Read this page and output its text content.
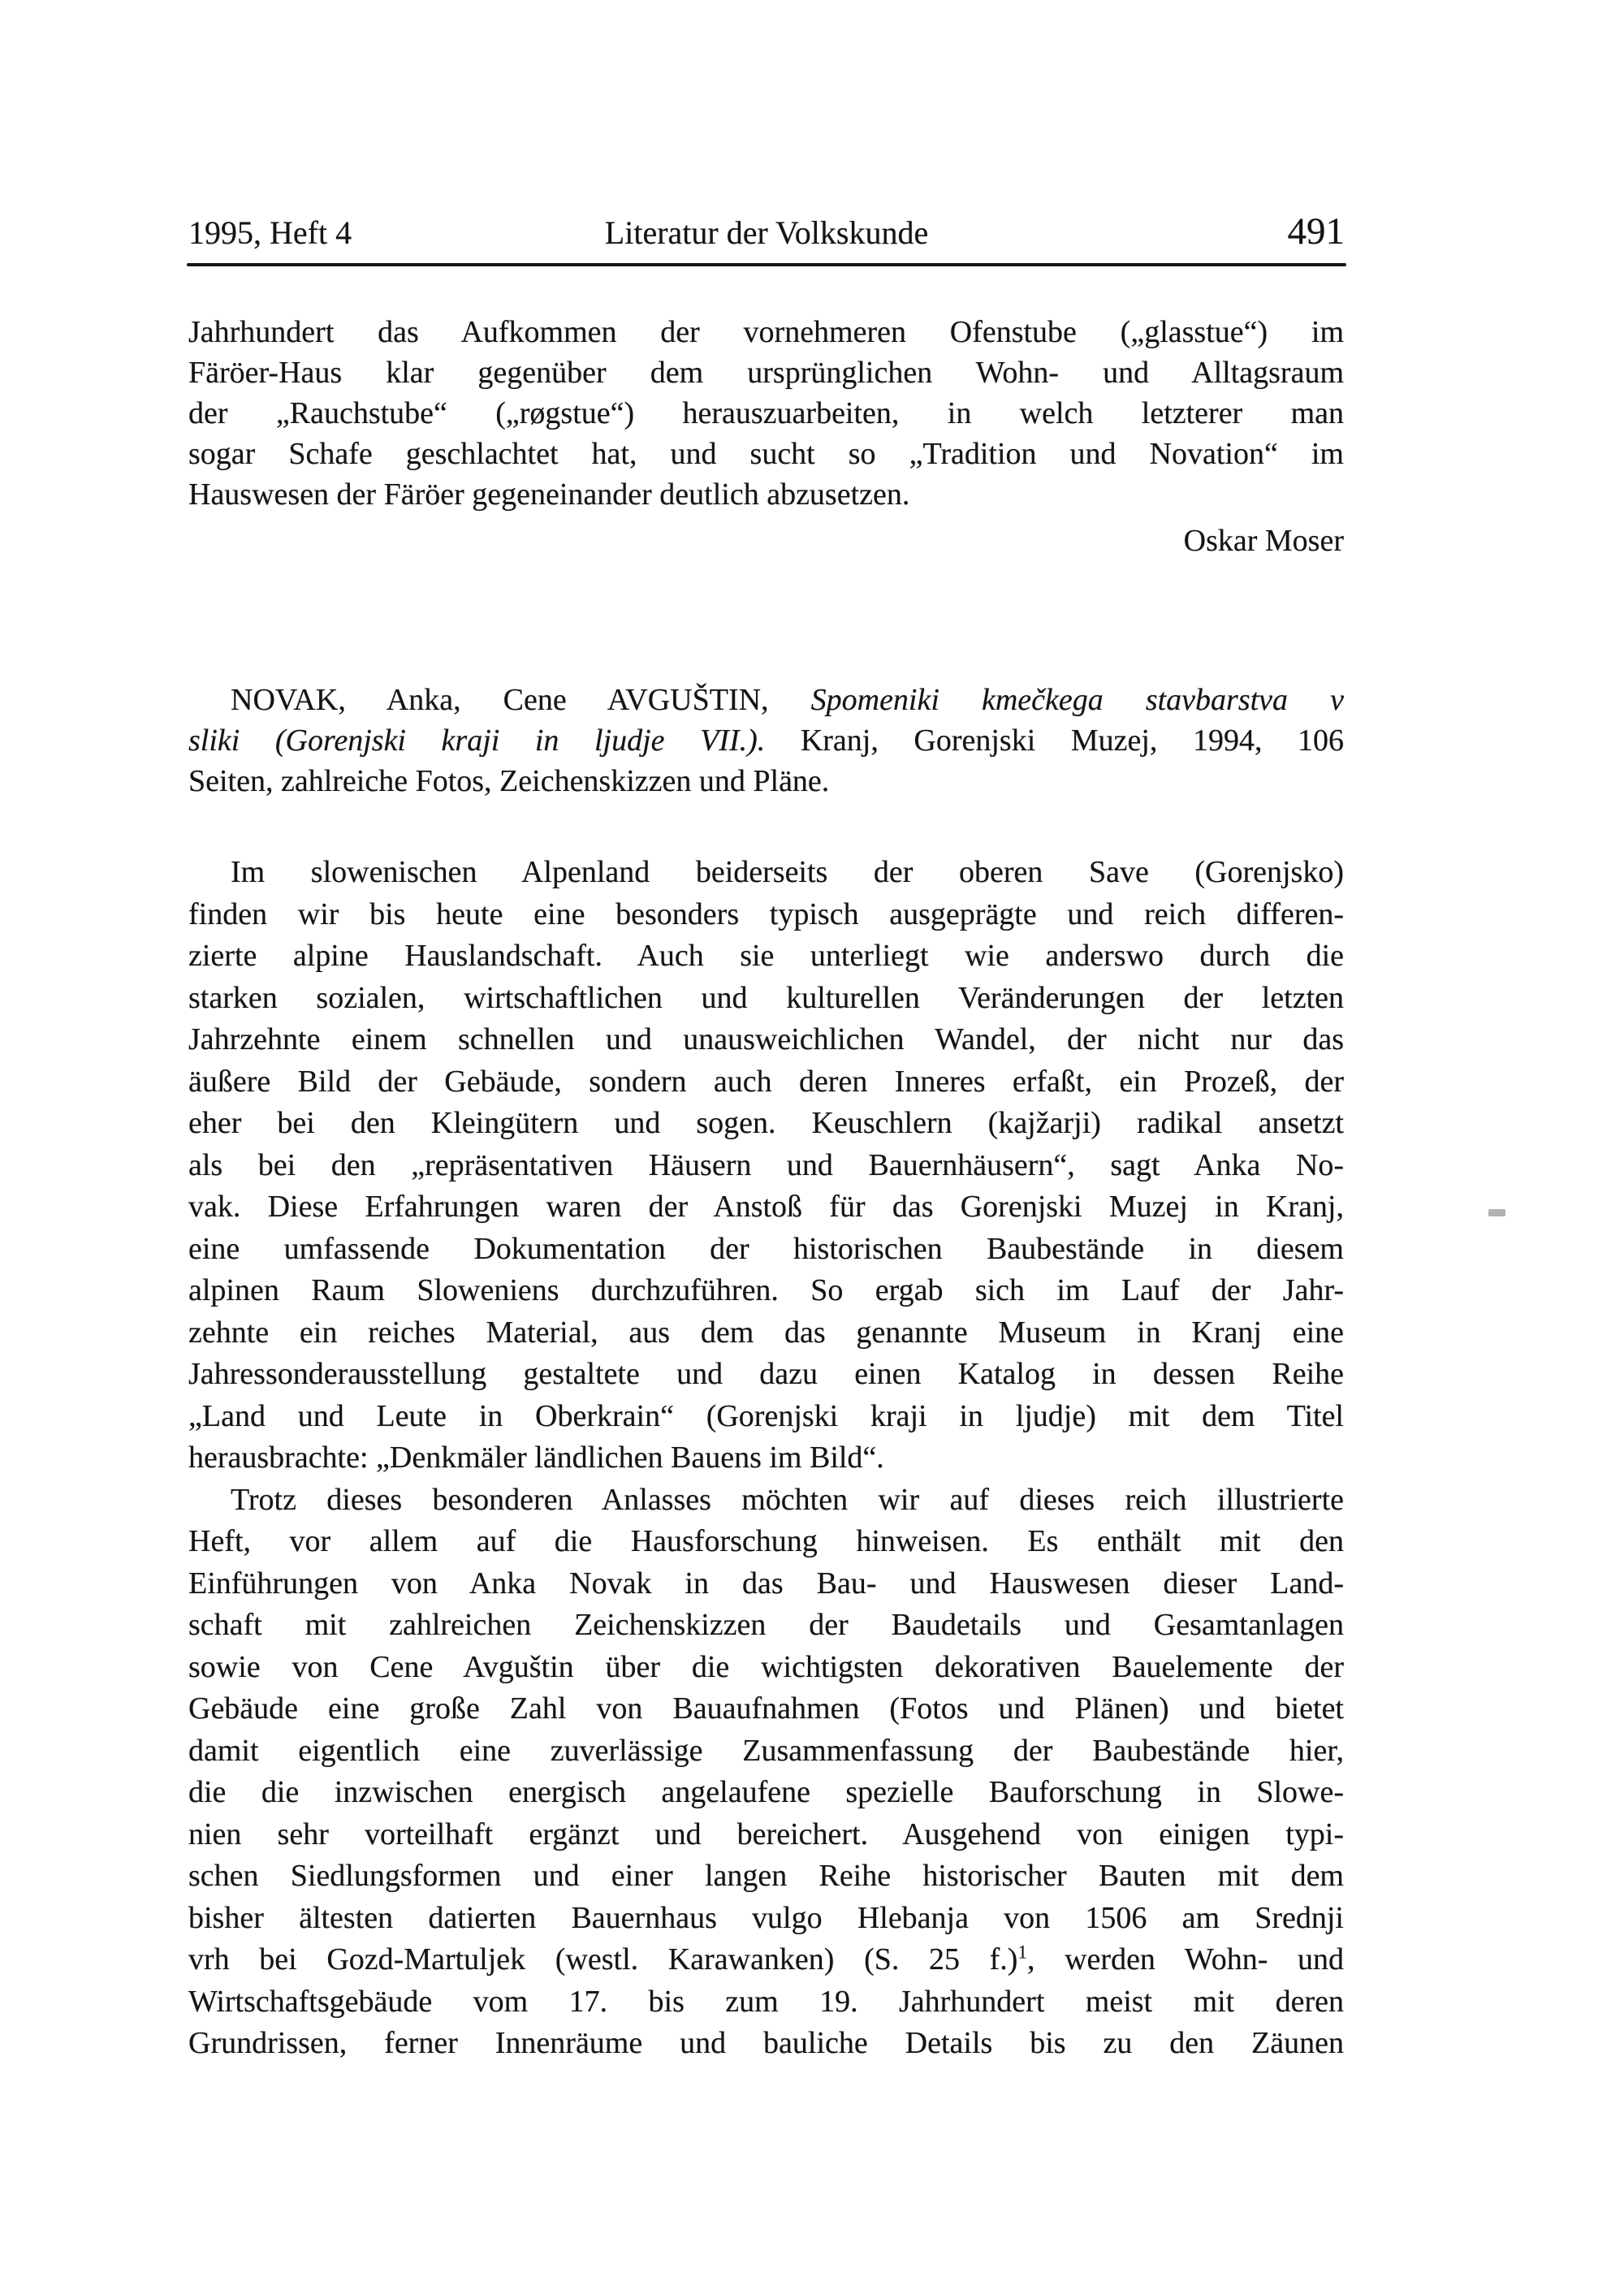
1995, Heft 4	Literatur der Volkskunde	491
Jahrhundert das Aufkommen der vornehmeren Ofenstube („glasstue“) im
Färöer-Haus klar gegenüber dem ursprünglichen Wohn- und Alltagsraum
der „Rauchstube“ („røgstue“) herauszuarbeiten, in welch letzterer man
sogar Schafe geschlachtet hat, und sucht so „Tradition und Novation“ im
Hauswesen der Färöer gegeneinander deutlich abzusetzen.
Oskar Moser
NOVAK, Anka, Cene AVGUŠTIN, Spomeniki kmečkega stavbarstva v
sliki (Gorenjski kraji in ljudje VII.). Kranj, Gorenjski Muzej, 1994, 106
Seiten, zahlreiche Fotos, Zeichenskizzen und Pläne.
Im slowenischen Alpenland beiderseits der oberen Save (Gorenjsko)
finden wir bis heute eine besonders typisch ausgeprägte und reich differen-
zierte alpine Hauslandschaft. Auch sie unterliegt wie anderswo durch die
starken sozialen, wirtschaftlichen und kulturellen Veränderungen der letzten
Jahrzehnte einem schnellen und unausweichlichen Wandel, der nicht nur das
äußere Bild der Gebäude, sondern auch deren Inneres erfaßt, ein Prozeß, der
eher bei den Kleingütern und sogen. Keuschlern (kajžarji) radikal ansetzt
als bei den „repräsentativen Häusern und Bauernhäusern“, sagt Anka No-
vak. Diese Erfahrungen waren der Anstoß für das Gorenjski Muzej in Kranj,
eine umfassende Dokumentation der historischen Baubestände in diesem
alpinen Raum Sloweniens durchzuführen. So ergab sich im Lauf der Jahr-
zehnte ein reiches Material, aus dem das genannte Museum in Kranj eine
Jahressonderausstellung gestaltete und dazu einen Katalog in dessen Reihe
„Land und Leute in Oberkrain“ (Gorenjski kraji in ljudje) mit dem Titel
herausbrachte: „Denkmäler ländlichen Bauens im Bild“.
Trotz dieses besonderen Anlasses möchten wir auf dieses reich illustrierte
Heft, vor allem auf die Hausforschung hinweisen. Es enthält mit den
Einführungen von Anka Novak in das Bau- und Hauswesen dieser Land-
schaft mit zahlreichen Zeichenskizzen der Baudetails und Gesamtanlagen
sowie von Cene Avguštin über die wichtigsten dekorativen Bauelemente der
Gebäude eine große Zahl von Bauaufnahmen (Fotos und Plänen) und bietet
damit eigentlich eine zuverlässige Zusammenfassung der Baubestände hier,
die die inzwischen energisch angelaufene spezielle Bauforschung in Slowe-
nien sehr vorteilhaft ergänzt und bereichert. Ausgehend von einigen typi-
schen Siedlungsformen und einer langen Reihe historischer Bauten mit dem
bisher ältesten datierten Bauernhaus vulgo Hlebanja von 1506 am Srednji
vrh bei Gozd-Martuljek (westl. Karawanken) (S. 25 f.)$^1$, werden Wohn- und
Wirtschaftsgebäude vom 17. bis zum 19. Jahrhundert meist mit deren
Grundrissen, ferner Innenräume und bauliche Details bis zu den Zäunen
